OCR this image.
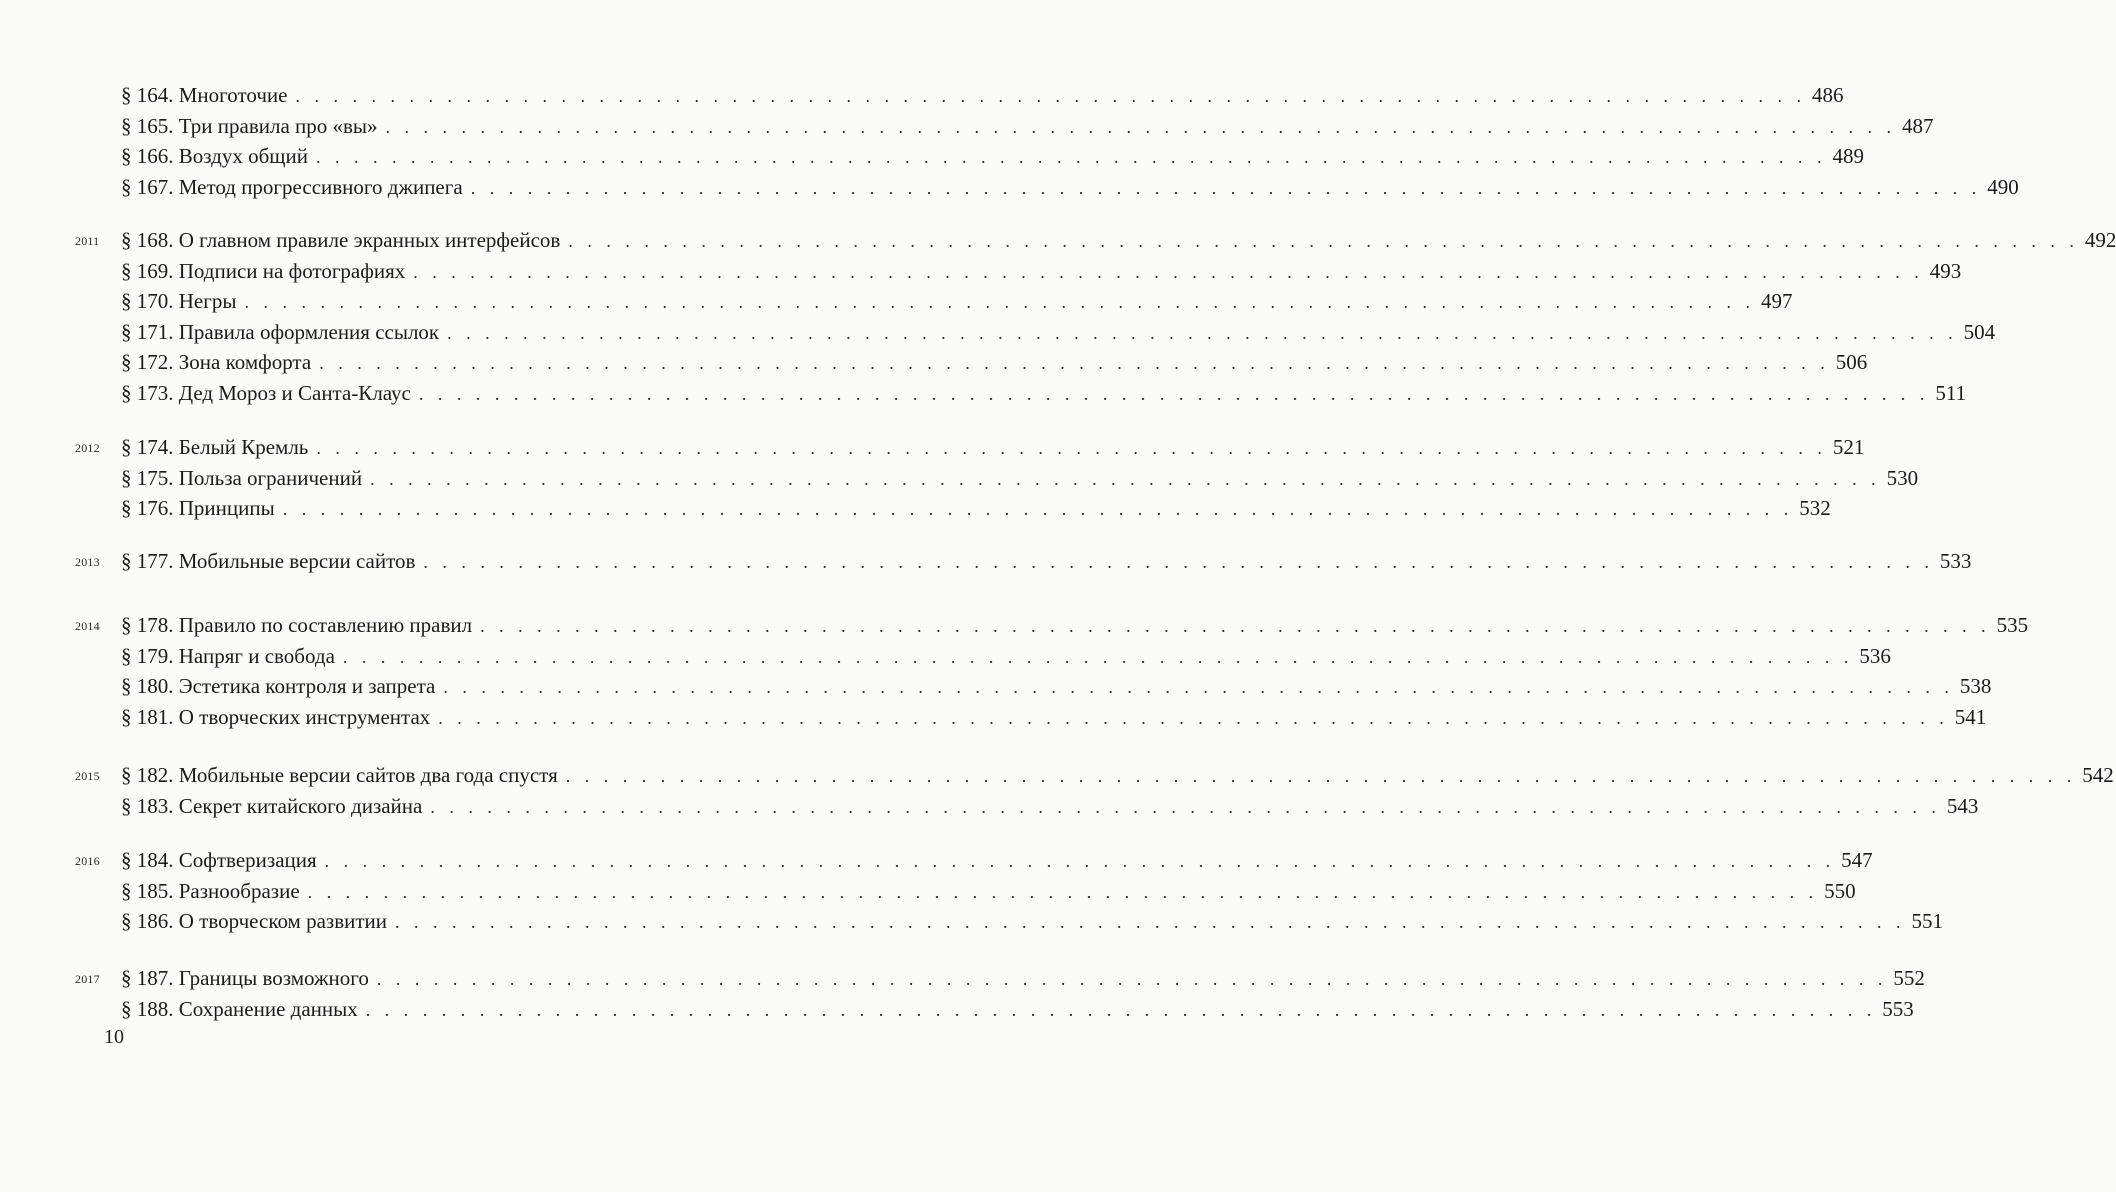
§ 164. Многоточие . . . . . . . . . . . . . . . . . . . . . . . . . . . . . . . . . . . . . . . . . . . . . . . . . . . . . . . . . . . . . . . . . . . . . . . . . . . . . . . . 486
§ 165. Три правила про «вы» . . . . . . . . . . . . . . . . . . . . . . . . . . . . . . . . . . . . . . . . . . . . . . . . . . . . . . . . . . . . . . . . . . . . . . . . . . . . . . . . 487
§ 166. Воздух общий . . . . . . . . . . . . . . . . . . . . . . . . . . . . . . . . . . . . . . . . . . . . . . . . . . . . . . . . . . . . . . . . . . . . . . . . . . . . . . . . 489
§ 167. Метод прогрессивного джипега . . . . . . . . . . . . . . . . . . . . . . . . . . . . . . . . . . . . . . . . . . . . . . . . . . . . . . . . . . . . . . . . . . . . . . . . . . . . . . . . 490
2011 § 168. О главном правиле экранных интерфейсов . . . . . . . . . . . . . . . . . . . . . . . . . . . . . . . . . . . . . . . . . . . . . . . . . . . . . . . . . . . . . . . . . . . . . . . . . . . . . . . . 492
§ 169. Подписи на фотографиях . . . . . . . . . . . . . . . . . . . . . . . . . . . . . . . . . . . . . . . . . . . . . . . . . . . . . . . . . . . . . . . . . . . . . . . . . . . . . . . . 493
§ 170. Негры . . . . . . . . . . . . . . . . . . . . . . . . . . . . . . . . . . . . . . . . . . . . . . . . . . . . . . . . . . . . . . . . . . . . . . . . . . . . . . . . 497
§ 171. Правила оформления ссылок . . . . . . . . . . . . . . . . . . . . . . . . . . . . . . . . . . . . . . . . . . . . . . . . . . . . . . . . . . . . . . . . . . . . . . . . . . . . . . . . 504
§ 172. Зона комфорта . . . . . . . . . . . . . . . . . . . . . . . . . . . . . . . . . . . . . . . . . . . . . . . . . . . . . . . . . . . . . . . . . . . . . . . . . . . . . . . . 506
§ 173. Дед Мороз и Санта-Клаус . . . . . . . . . . . . . . . . . . . . . . . . . . . . . . . . . . . . . . . . . . . . . . . . . . . . . . . . . . . . . . . . . . . . . . . . . . . . . . . . 511
2012 § 174. Белый Кремль . . . . . . . . . . . . . . . . . . . . . . . . . . . . . . . . . . . . . . . . . . . . . . . . . . . . . . . . . . . . . . . . . . . . . . . . . . . . . . . . 521
§ 175. Польза ограничений . . . . . . . . . . . . . . . . . . . . . . . . . . . . . . . . . . . . . . . . . . . . . . . . . . . . . . . . . . . . . . . . . . . . . . . . . . . . . . . . 530
§ 176. Принципы . . . . . . . . . . . . . . . . . . . . . . . . . . . . . . . . . . . . . . . . . . . . . . . . . . . . . . . . . . . . . . . . . . . . . . . . . . . . . . . . 532
2013 § 177. Мобильные версии сайтов . . . . . . . . . . . . . . . . . . . . . . . . . . . . . . . . . . . . . . . . . . . . . . . . . . . . . . . . . . . . . . . . . . . . . . . . . . . . . . . . 533
2014 § 178. Правило по составлению правил . . . . . . . . . . . . . . . . . . . . . . . . . . . . . . . . . . . . . . . . . . . . . . . . . . . . . . . . . . . . . . . . . . . . . . . . . . . . . . . . 535
§ 179. Напряг и свобода . . . . . . . . . . . . . . . . . . . . . . . . . . . . . . . . . . . . . . . . . . . . . . . . . . . . . . . . . . . . . . . . . . . . . . . . . . . . . . . . 536
§ 180. Эстетика контроля и запрета . . . . . . . . . . . . . . . . . . . . . . . . . . . . . . . . . . . . . . . . . . . . . . . . . . . . . . . . . . . . . . . . . . . . . . . . . . . . . . . . 538
§ 181. О творческих инструментах . . . . . . . . . . . . . . . . . . . . . . . . . . . . . . . . . . . . . . . . . . . . . . . . . . . . . . . . . . . . . . . . . . . . . . . . . . . . . . . . 541
2015 § 182. Мобильные версии сайтов два года спустя . . . . . . . . . . . . . . . . . . . . . . . . . . . . . . . . . . . . . . . . . . . . . . . . . . . . . . . . . . . . . . . . . . . . . . . . . . . . . . . . 542
§ 183. Секрет китайского дизайна . . . . . . . . . . . . . . . . . . . . . . . . . . . . . . . . . . . . . . . . . . . . . . . . . . . . . . . . . . . . . . . . . . . . . . . . . . . . . . . . 543
2016 § 184. Софтверизация . . . . . . . . . . . . . . . . . . . . . . . . . . . . . . . . . . . . . . . . . . . . . . . . . . . . . . . . . . . . . . . . . . . . . . . . . . . . . . . . 547
§ 185. Разнообразие . . . . . . . . . . . . . . . . . . . . . . . . . . . . . . . . . . . . . . . . . . . . . . . . . . . . . . . . . . . . . . . . . . . . . . . . . . . . . . . . 550
§ 186. О творческом развитии . . . . . . . . . . . . . . . . . . . . . . . . . . . . . . . . . . . . . . . . . . . . . . . . . . . . . . . . . . . . . . . . . . . . . . . . . . . . . . . . 551
2017 § 187. Границы возможного . . . . . . . . . . . . . . . . . . . . . . . . . . . . . . . . . . . . . . . . . . . . . . . . . . . . . . . . . . . . . . . . . . . . . . . . . . . . . . . . 552
§ 188. Сохранение данных . . . . . . . . . . . . . . . . . . . . . . . . . . . . . . . . . . . . . . . . . . . . . . . . . . . . . . . . . . . . . . . . . . . . . . . . . . . . . . . . 553
10
